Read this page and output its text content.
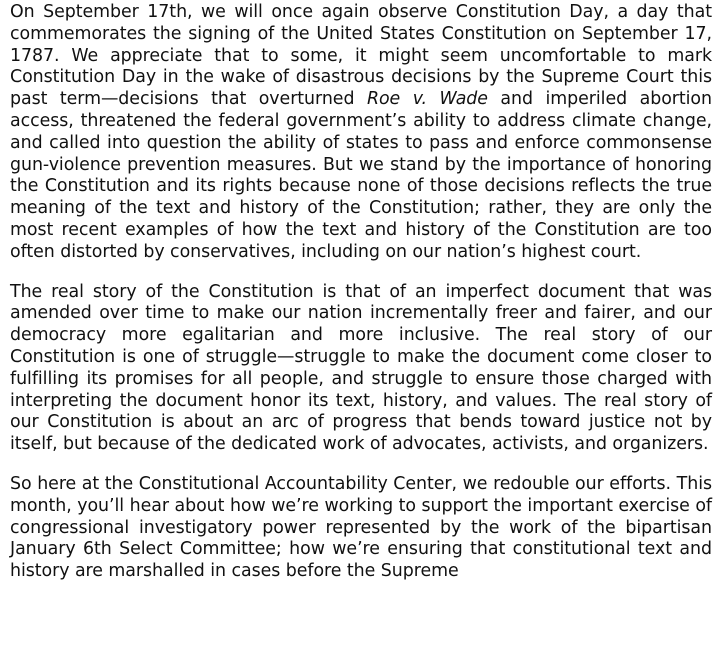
On September 17th, we will once again observe Constitution Day, a day that commemorates the signing of the United States Constitution on September 17, 1787. We appreciate that to some, it might seem uncomfortable to mark Constitution Day in the wake of disastrous decisions by the Supreme Court this past term—decisions that overturned Roe v. Wade and imperiled abortion access, threatened the federal government’s ability to address climate change, and called into question the ability of states to pass and enforce commonsense gun-violence prevention measures. But we stand by the importance of honoring the Constitution and its rights because none of those decisions reflects the true meaning of the text and history of the Constitution; rather, they are only the most recent examples of how the text and history of the Constitution are too often distorted by conservatives, including on our nation’s highest court.

The real story of the Constitution is that of an imperfect document that was amended over time to make our nation incrementally freer and fairer, and our democracy more egalitarian and more inclusive. The real story of our Constitution is one of struggle—struggle to make the document come closer to fulfilling its promises for all people, and struggle to ensure those charged with interpreting the document honor its text, history, and values. The real story of our Constitution is about an arc of progress that bends toward justice not by itself, but because of the dedicated work of advocates, activists, and organizers.

So here at the Constitutional Accountability Center, we redouble our efforts. This month, you’ll hear about how we’re working to support the important exercise of congressional investigatory power represented by the work of the bipartisan January 6th Select Committee; how we’re ensuring that constitutional text and history are marshalled in cases before the Supreme
